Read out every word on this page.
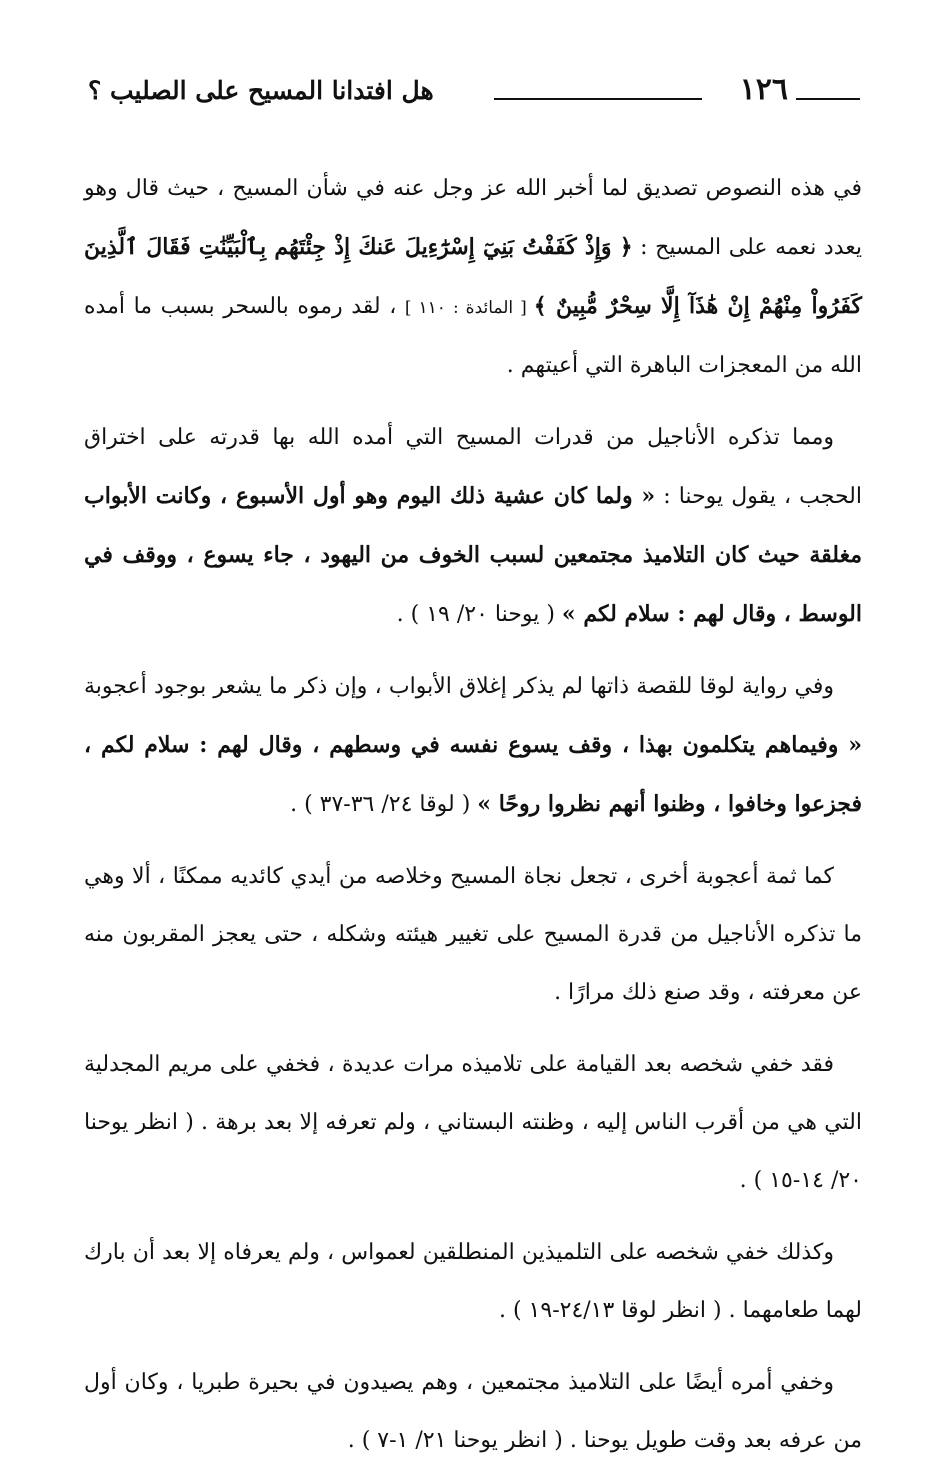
١٢٦
هل افتدانا المسيح على الصليب ؟

في هذه النصوص تصديق لما أخبر الله عز وجل عنه في شأن المسيح ، حيث قال وهو يعدد نعمه على المسيح : ﴿ وَإِذْ كَفَفْتُ بَنِيٓ إِسْرَٰٓءِيلَ عَنكَ إِذْ جِئْتَهُم بِٱلْبَيِّنَٰتِ فَقَالَ ٱلَّذِينَ كَفَرُواْ مِنْهُمْ إِنْ هَٰذَآ إِلَّا سِحْرٌ مُّبِينٌ ﴾ [ المائدة : ١١٠ ] ، لقد رموه بالسحر بسبب ما أمده الله من المعجزات الباهرة التي أعيتهم .

ومما تذكره الأناجيل من قدرات المسيح التي أمده الله بها قدرته على اختراق الحجب ، يقول يوحنا : « ولما كان عشية ذلك اليوم وهو أول الأسبوع ، وكانت الأبواب مغلقة حيث كان التلاميذ مجتمعين لسبب الخوف من اليهود ، جاء يسوع ، ووقف في الوسط ، وقال لهم : سلام لكم » ( يوحنا ٢٠/ ١٩ ) .

وفي رواية لوقا للقصة ذاتها لم يذكر إغلاق الأبواب ، وإن ذكر ما يشعر بوجود أعجوبة « وفيماهم يتكلمون بهذا ، وقف يسوع نفسه في وسطهم ، وقال لهم : سلام لكم ، فجزعوا وخافوا ، وظنوا أنهم نظروا روحًا » ( لوقا ٢٤/ ٣٦-٣٧ ) .

كما ثمة أعجوبة أخرى ، تجعل نجاة المسيح وخلاصه من أيدي كائديه ممكنًا ، ألا وهي ما تذكره الأناجيل من قدرة المسيح على تغيير هيئته وشكله ، حتى يعجز المقربون منه عن معرفته ، وقد صنع ذلك مرارًا .

فقد خفي شخصه بعد القيامة على تلاميذه مرات عديدة ، فخفي على مريم المجدلية التي هي من أقرب الناس إليه ، وظنته البستاني ، ولم تعرفه إلا بعد برهة . ( انظر يوحنا ٢٠/ ١٤-١٥ ) .

وكذلك خفي شخصه على التلميذين المنطلقين لعمواس ، ولم يعرفاه إلا بعد أن بارك لهما طعامهما . ( انظر لوقا ٢٤/١٣-١٩ ) .

وخفي أمره أيضًا على التلاميذ مجتمعين ، وهم يصيدون في بحيرة طبريا ، وكان أول من عرفه بعد وقت طويل يوحنا . ( انظر يوحنا ٢١/ ١-٧ ) .
